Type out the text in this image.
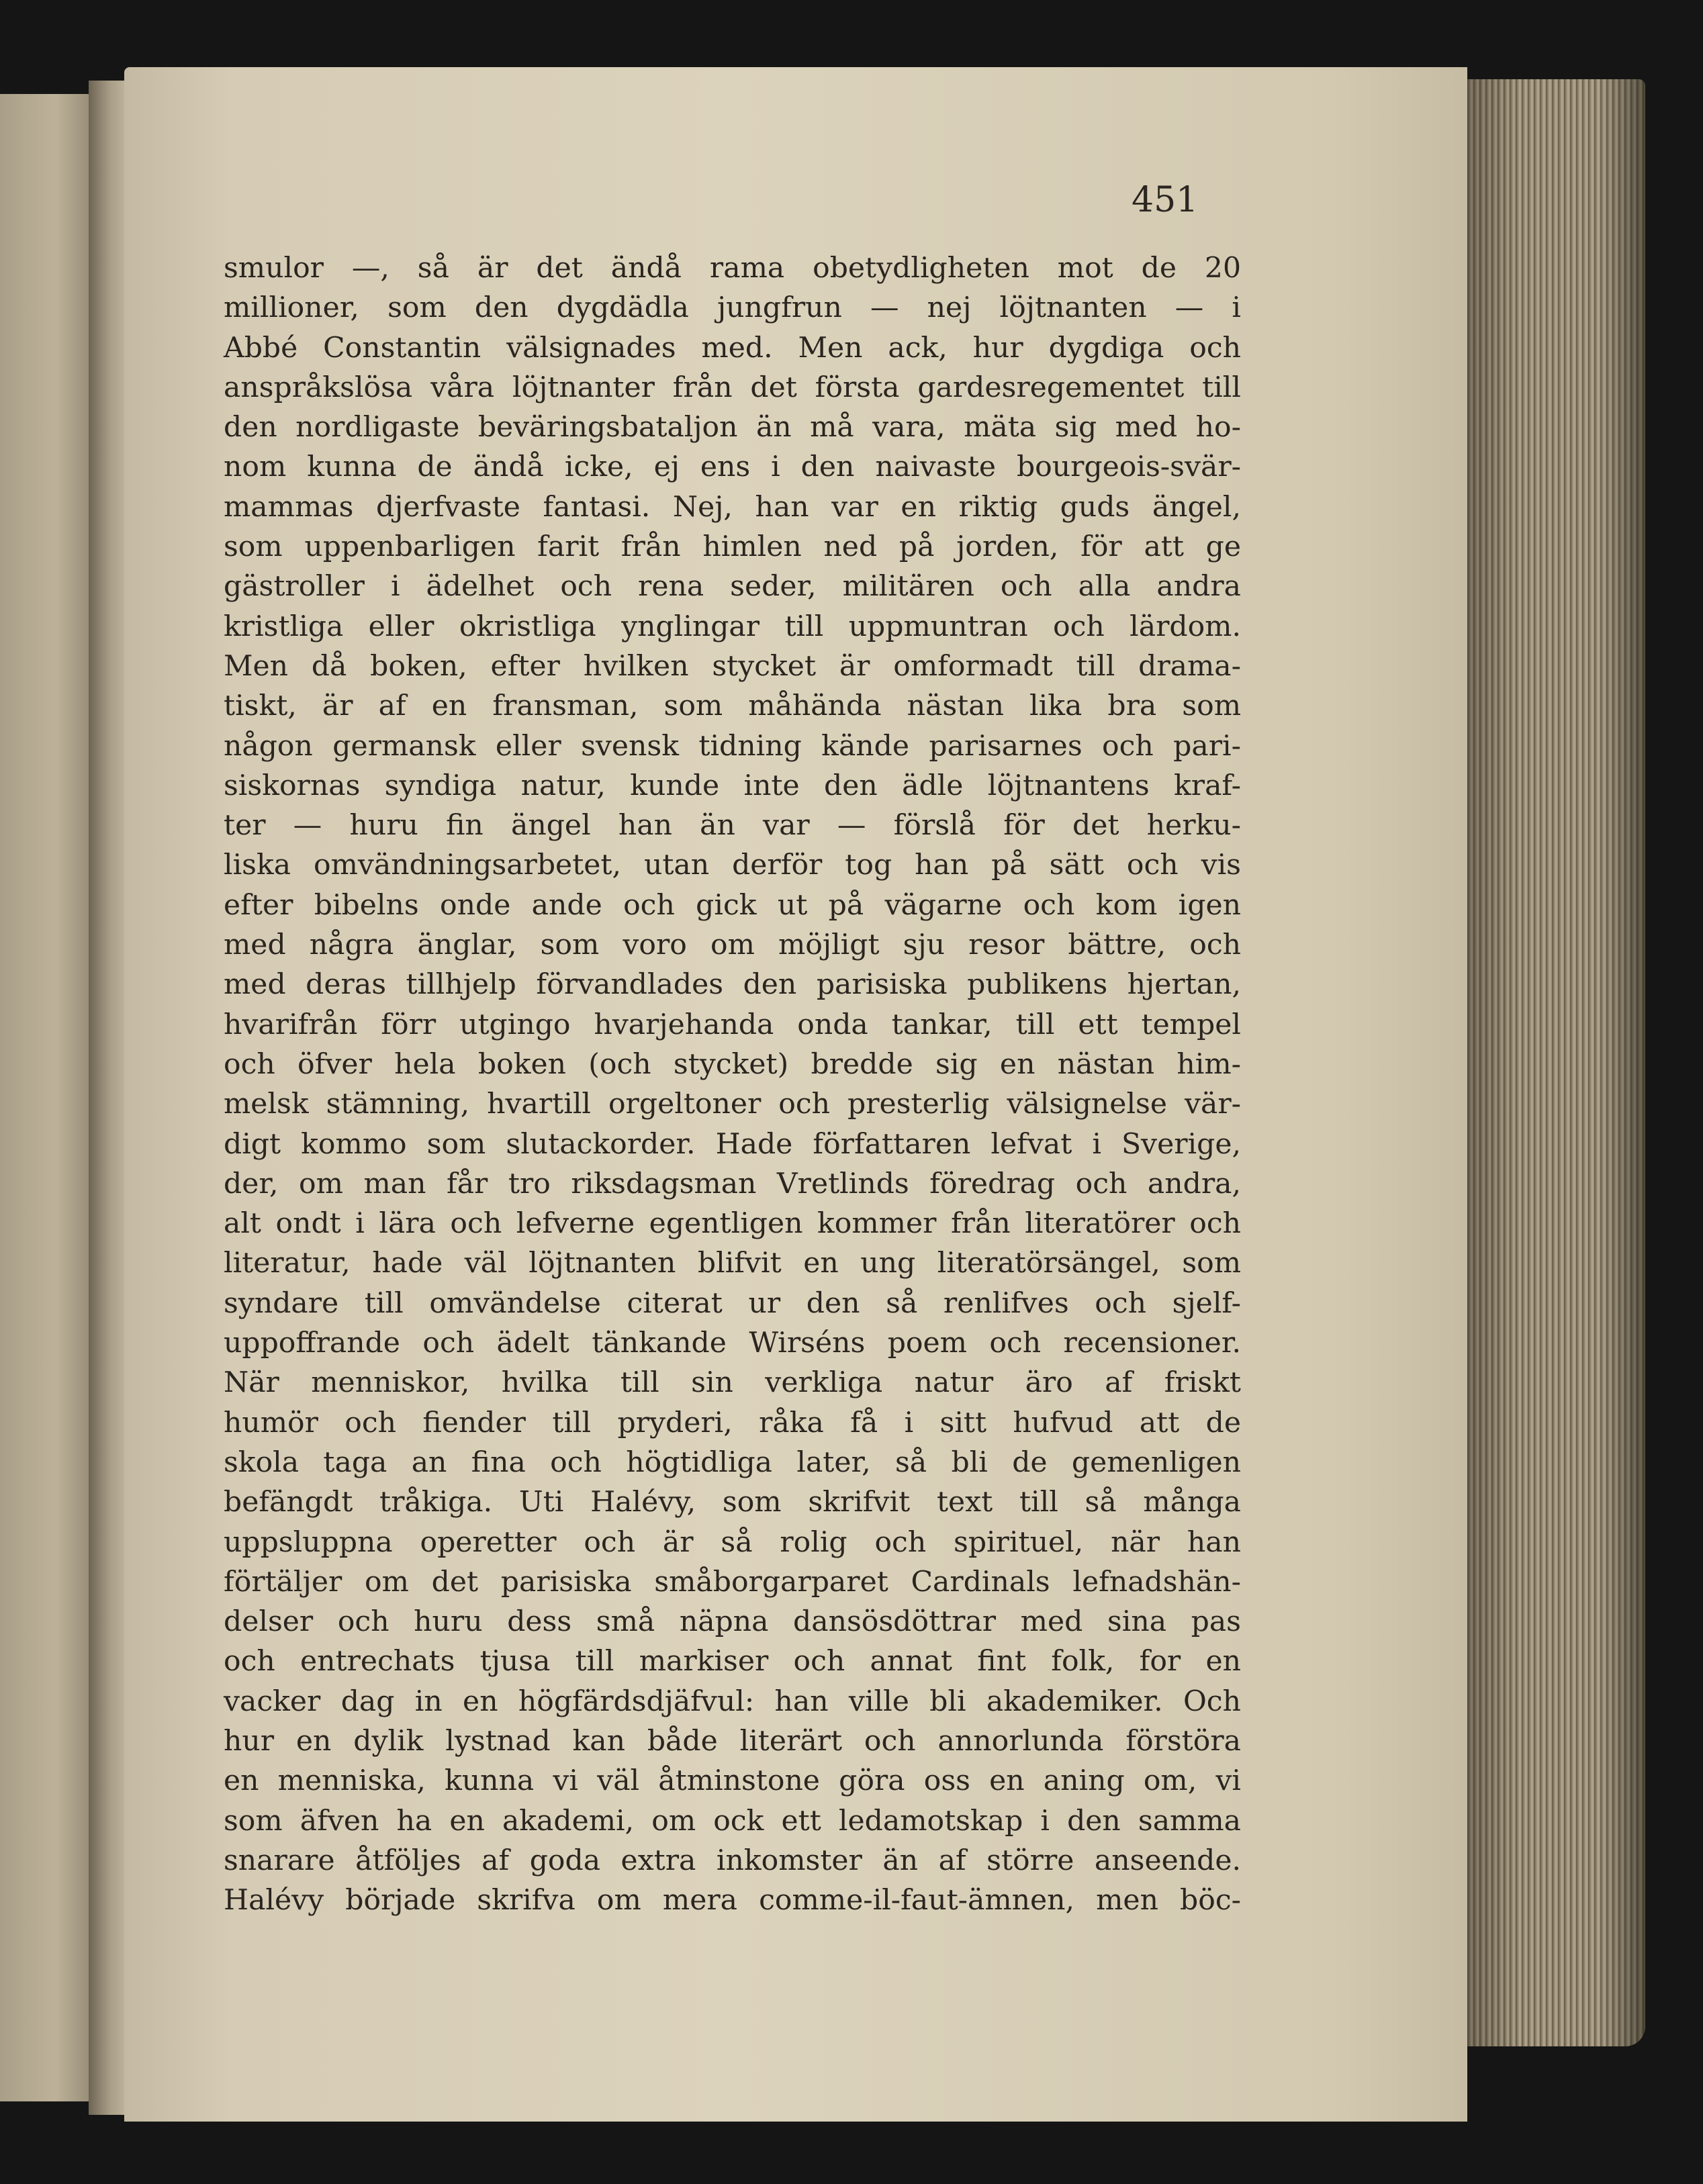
451
smulor —, så är det ändå rama obetydligheten mot de 20
millioner, som den dygdädla jungfrun — nej löjtnanten — i
Abbé Constantin välsignades med. Men ack, hur dygdiga och
anspråkslösa våra löjtnanter från det första gardesregementet till
den nordligaste beväringsbataljon än må vara, mäta sig med ho-
nom kunna de ändå icke, ej ens i den naivaste bourgeois-svär-
mammas djerfvaste fantasi. Nej, han var en riktig guds ängel,
som uppenbarligen farit från himlen ned på jorden, för att ge
gästroller i ädelhet och rena seder, militären och alla andra
kristliga eller okristliga ynglingar till uppmuntran och lärdom.
Men då boken, efter hvilken stycket är omformadt till drama-
tiskt, är af en fransman, som måhända nästan lika bra som
någon germansk eller svensk tidning kände parisarnes och pari-
siskornas syndiga natur, kunde inte den ädle löjtnantens kraf-
ter — huru fin ängel han än var — förslå för det herku-
liska omvändningsarbetet, utan derför tog han på sätt och vis
efter bibelns onde ande och gick ut på vägarne och kom igen
med några änglar, som voro om möjligt sju resor bättre, och
med deras tillhjelp förvandlades den parisiska publikens hjertan,
hvarifrån förr utgingo hvarjehanda onda tankar, till ett tempel
och öfver hela boken (och stycket) bredde sig en nästan him-
melsk stämning, hvartill orgeltoner och presterlig välsignelse vär-
digt kommo som slutackorder. Hade författaren lefvat i Sverige,
der, om man får tro riksdagsman Vretlinds föredrag och andra,
alt ondt i lära och lefverne egentligen kommer från literatörer och
literatur, hade väl löjtnanten blifvit en ung literatörsängel, som
syndare till omvändelse citerat ur den så renlifves och sjelf-
uppoffrande och ädelt tänkande Wirséns poem och recensioner.
När menniskor, hvilka till sin verkliga natur äro af friskt
humör och fiender till pryderi, råka få i sitt hufvud att de
skola taga an fina och högtidliga later, så bli de gemenligen
befängdt tråkiga. Uti Halévy, som skrifvit text till så många
uppsluppna operetter och är så rolig och spirituel, när han
förtäljer om det parisiska småborgarparet Cardinals lefnadshän-
delser och huru dess små näpna dansösdöttrar med sina pas
och entrechats tjusa till markiser och annat fint folk, for en
vacker dag in en högfärdsdjäfvul: han ville bli akademiker. Och
hur en dylik lystnad kan både literärt och annorlunda förstöra
en menniska, kunna vi väl åtminstone göra oss en aning om, vi
som äfven ha en akademi, om ock ett ledamotskap i den samma
snarare åtföljes af goda extra inkomster än af större anseende.
Halévy började skrifva om mera comme-il-faut-ämnen, men böc-
